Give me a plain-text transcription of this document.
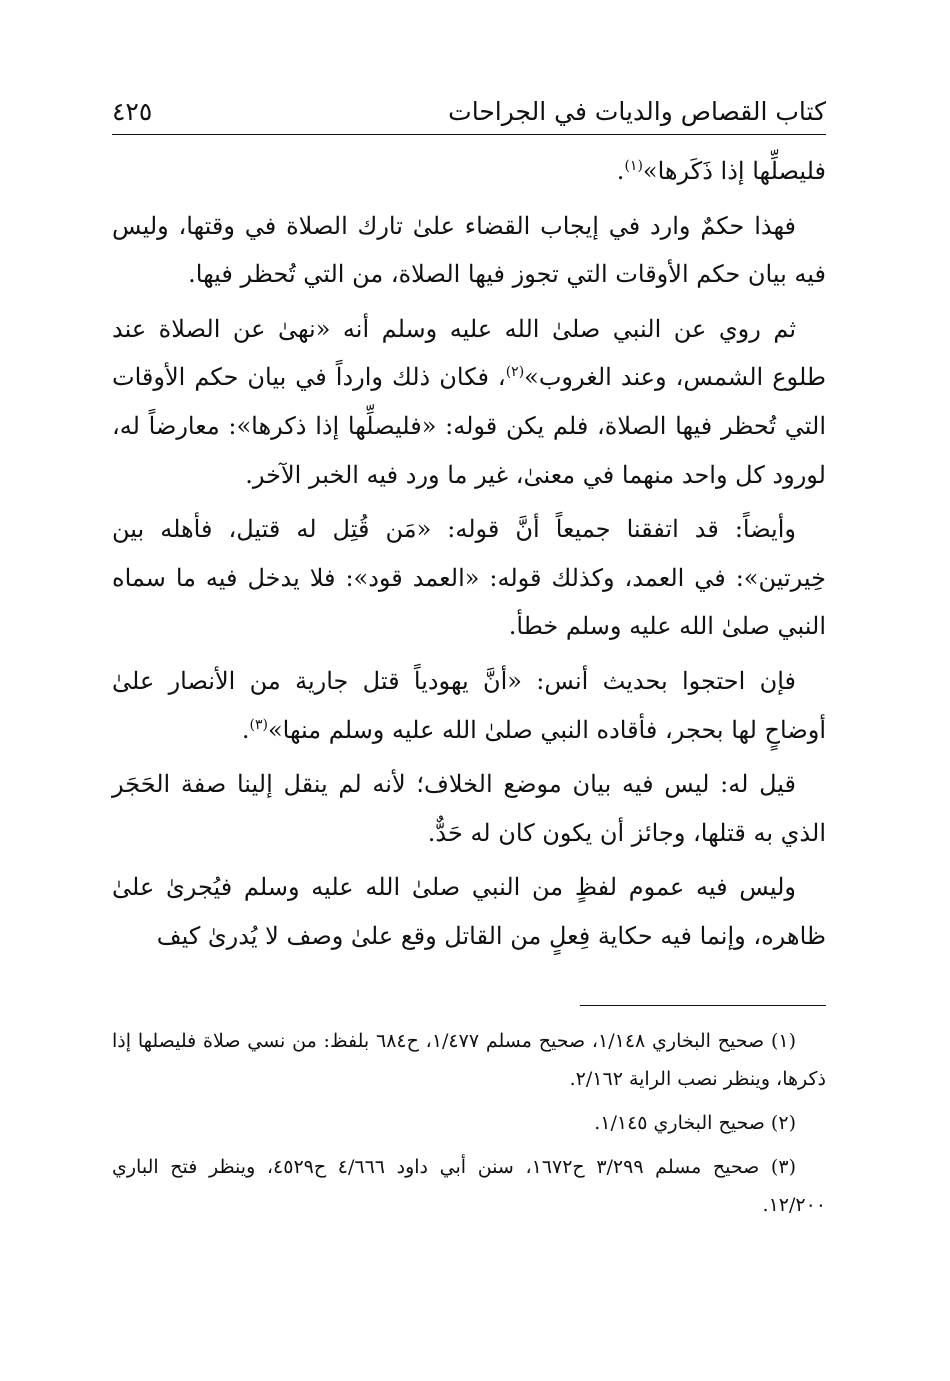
كتاب القصاص والديات في الجراحات
٤٢٥

فليصلِّها إذا ذَكَرها»$^{(١)}$.

فهذا حكمٌ وارد في إيجاب القضاء علىٰ تارك الصلاة في وقتها، وليس فيه بيان حكم الأوقات التي تجوز فيها الصلاة، من التي تُحظر فيها.

ثم روي عن النبي صلىٰ الله عليه وسلم أنه «نهىٰ عن الصلاة عند طلوع الشمس، وعند الغروب»$^{(٢)}$، فكان ذلك وارداً في بيان حكم الأوقات التي تُحظر فيها الصلاة، فلم يكن قوله: «فليصلِّها إذا ذكرها»: معارضاً له، لورود كل واحد منهما في معنىٰ، غير ما ورد فيه الخبر الآخر.

وأيضاً: قد اتفقنا جميعاً أنَّ قوله: «مَن قُتِل له قتيل، فأهله بين خِيرتين»: في العمد، وكذلك قوله: «العمد قود»: فلا يدخل فيه ما سماه النبي صلىٰ الله عليه وسلم خطأ.

فإن احتجوا بحديث أنس: «أنَّ يهودياً قتل جارية من الأنصار علىٰ أوضاحٍ لها بحجر، فأقاده النبي صلىٰ الله عليه وسلم منها»$^{(٣)}$.

قيل له: ليس فيه بيان موضع الخلاف؛ لأنه لم ينقل إلينا صفة الحَجَر الذي به قتلها، وجائز أن يكون كان له حَدٌّ.

وليس فيه عموم لفظٍ من النبي صلىٰ الله عليه وسلم فيُجرىٰ علىٰ ظاهره، وإنما فيه حكاية فِعلٍ من القاتل وقع علىٰ وصف لا يُدرىٰ كيف

(١) صحيح البخاري ١/١٤٨، صحيح مسلم ١/٤٧٧، ح٦٨٤ بلفظ: من نسي صلاة فليصلها إذا ذكرها، وينظر نصب الراية ٢/١٦٢.

(٢) صحيح البخاري ١/١٤٥.

(٣) صحيح مسلم ٣/٢٩٩ ح١٦٧٢، سنن أبي داود ٤/٦٦٦ ح٤٥٢٩، وينظر فتح الباري ١٢/٢٠٠.
